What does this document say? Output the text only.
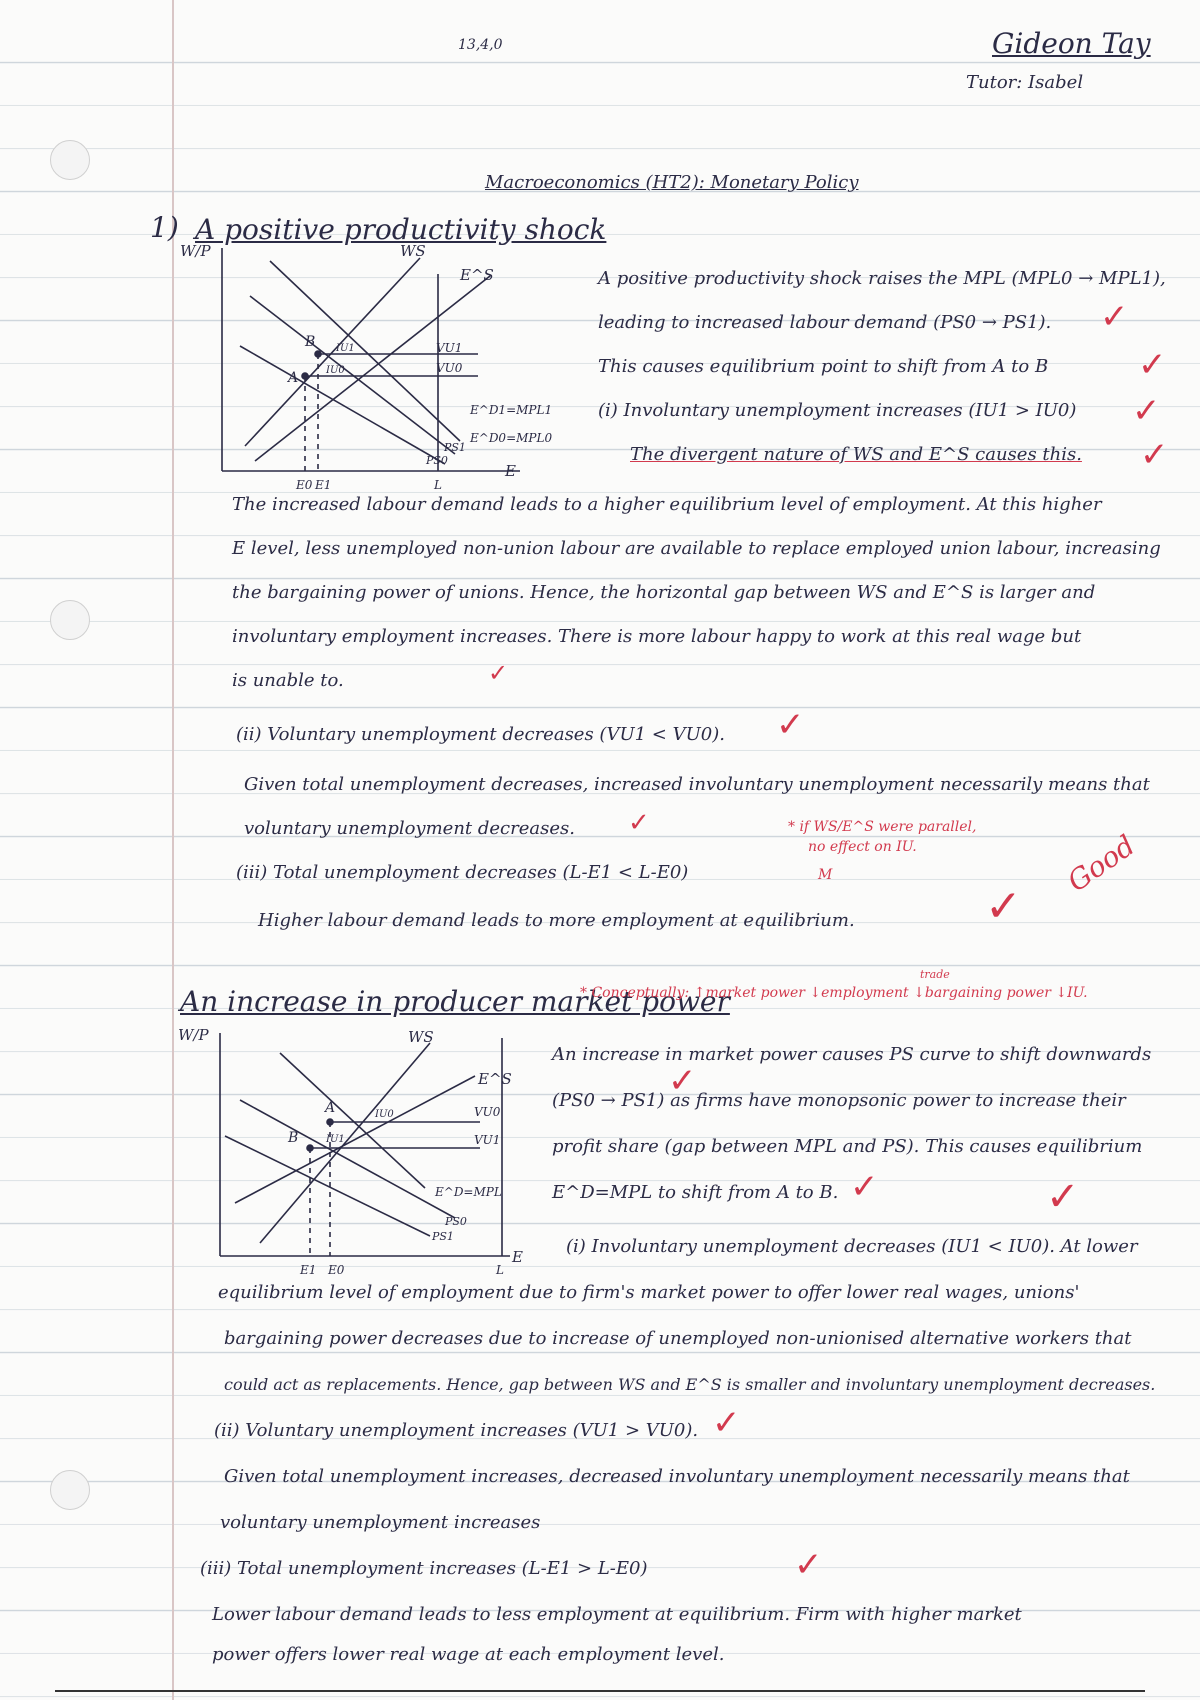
13,4,0	Gideon Tay
Tutor: Isabel
Macroeconomics (HT2): Monetary Policy
1) A positive productivity shock
W/P
E
WS
E^S
VU1
VU0
E^D1=MPL1
E^D0=MPL0
PS1
PS0
A
B IU1
IU0
E0 E1	L
A positive productivity shock raises the MPL (MPL0 → MPL1),
leading to increased labour demand (PS0 → PS1).
This causes equilibrium point to shift from A to B
(i) Involuntary unemployment increases (IU1 > IU0)
The divergent nature of WS and E^S causes this.
✓
✓
✓
✓
The increased labour demand leads to a higher equilibrium level of employment. At this higher
E level, less unemployed non-union labour are available to replace employed union labour, increasing
the bargaining power of unions. Hence, the horizontal gap between WS and E^S is larger and
involuntary employment increases. There is more labour happy to work at this real wage but
is unable to.	✓
(ii) Voluntary unemployment decreases (VU1 < VU0). ✓
Given total unemployment decreases, increased involuntary unemployment necessarily means that
voluntary unemployment decreases. ✓	* if WS/E^S were parallel,
no effect on IU.
(iii) Total unemployment decreases (L-E1 < L-E0)	M
Higher labour demand leads to more employment at equilibrium.	✓
Good
An increase in producer market power
* Conceptually: ↑market power ↓employment ↓bargaining power ↓IU.
trade
W/P
E
WS
E^S
VU0
VU1
E^D=MPL
PS0
PS1
A
B
IU0
IU1
E1 E0	L
An increase in market power causes PS curve to shift downwards
(PS0 → PS1) as firms have monopsonic power to increase their
profit share (gap between MPL and PS). This causes equilibrium
E^D=MPL to shift from A to B.
✓
✓	✓
(i) Involuntary unemployment decreases (IU1 < IU0). At lower
equilibrium level of employment due to firm's market power to offer lower real wages, unions'
bargaining power decreases due to increase of unemployed non-unionised alternative workers that
could act as replacements. Hence, gap between WS and E^S is smaller and involuntary unemployment decreases.
(ii) Voluntary unemployment increases (VU1 > VU0). ✓
Given total unemployment increases, decreased involuntary unemployment necessarily means that
voluntary unemployment increases
(iii) Total unemployment increases (L-E1 > L-E0)	✓
Lower labour demand leads to less employment at equilibrium. Firm with higher market
power offers lower real wage at each employment level.
